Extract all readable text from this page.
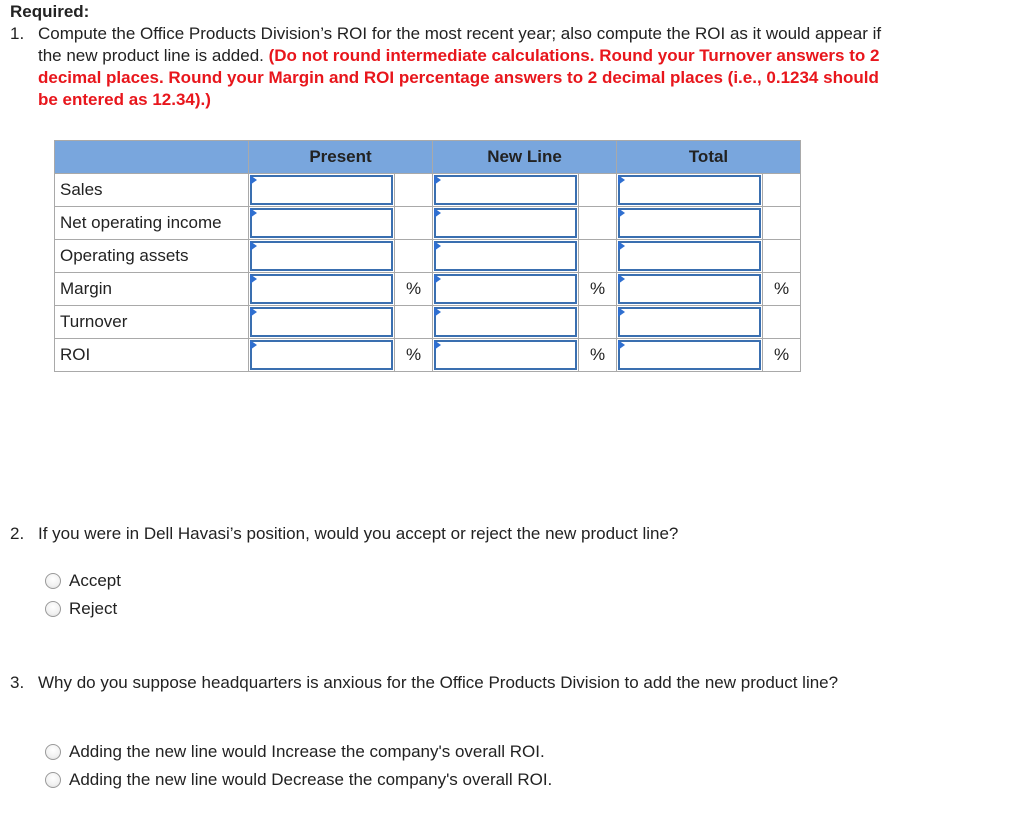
Required:
1. Compute the Office Products Division’s ROI for the most recent year; also compute the ROI as it would appear if the new product line is added. (Do not round intermediate calculations. Round your Turnover answers to 2 decimal places. Round your Margin and ROI percentage answers to 2 decimal places (i.e., 0.1234 should be entered as 12.34).)
	Present		New Line		Total	
Sales	

Net operating income	

Operating assets	

Margin		%		%		%
Turnover	

ROI		%		%		%
2. If you were in Dell Havasi’s position, would you accept or reject the new product line?
Accept
Reject
3. Why do you suppose headquarters is anxious for the Office Products Division to add the new product line?
Adding the new line would Increase the company's overall ROI.
Adding the new line would Decrease the company's overall ROI.
